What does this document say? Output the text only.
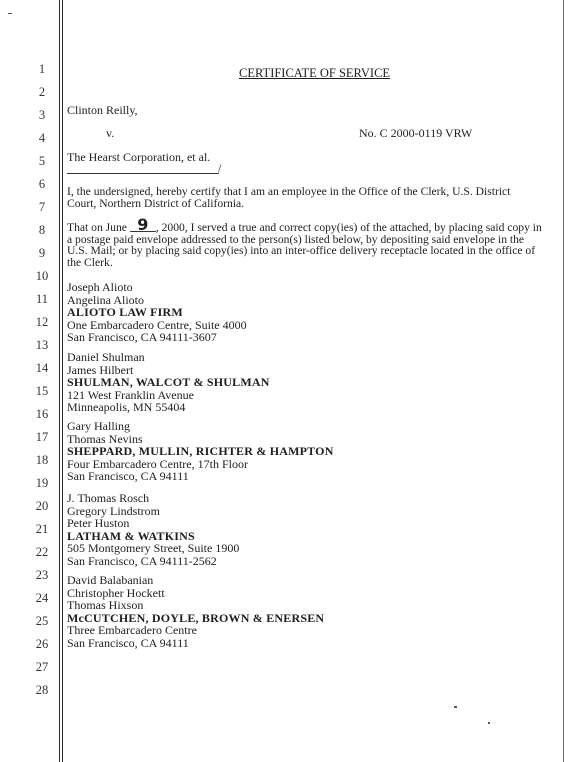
1
2
3
4
5
6
7
8
9
10
11
12
13
14
15
16
17
18
19
20
21
22
23
24
25
26
27
28
CERTIFICATE OF SERVICE
Clinton Reilly,
v.	No. C 2000-0119 VRW
The Hearst Corporation, et al.
/
I, the undersigned, hereby certify that I am an employee in the Office of the Clerk, U.S. District
Court, Northern District of California.
That on June 9 , 2000, I served a true and correct copy(ies) of the attached, by placing said copy in
a postage paid envelope addressed to the person(s) listed below, by depositing said envelope in the
U.S. Mail; or by placing said copy(ies) into an inter-office delivery receptacle located in the office of
the Clerk.
Joseph Alioto
Angelina Alioto
ALIOTO LAW FIRM
One Embarcadero Centre, Suite 4000
San Francisco, CA 94111-3607
Daniel Shulman
James Hilbert
SHULMAN, WALCOT & SHULMAN
121 West Franklin Avenue
Minneapolis, MN 55404
Gary Halling
Thomas Nevins
SHEPPARD, MULLIN, RICHTER & HAMPTON
Four Embarcadero Centre, 17th Floor
San Francisco, CA 94111
J. Thomas Rosch
Gregory Lindstrom
Peter Huston
LATHAM & WATKINS
505 Montgomery Street, Suite 1900
San Francisco, CA 94111-2562
David Balabanian
Christopher Hockett
Thomas Hixson
McCUTCHEN, DOYLE, BROWN & ENERSEN
Three Embarcadero Centre
San Francisco, CA 94111
